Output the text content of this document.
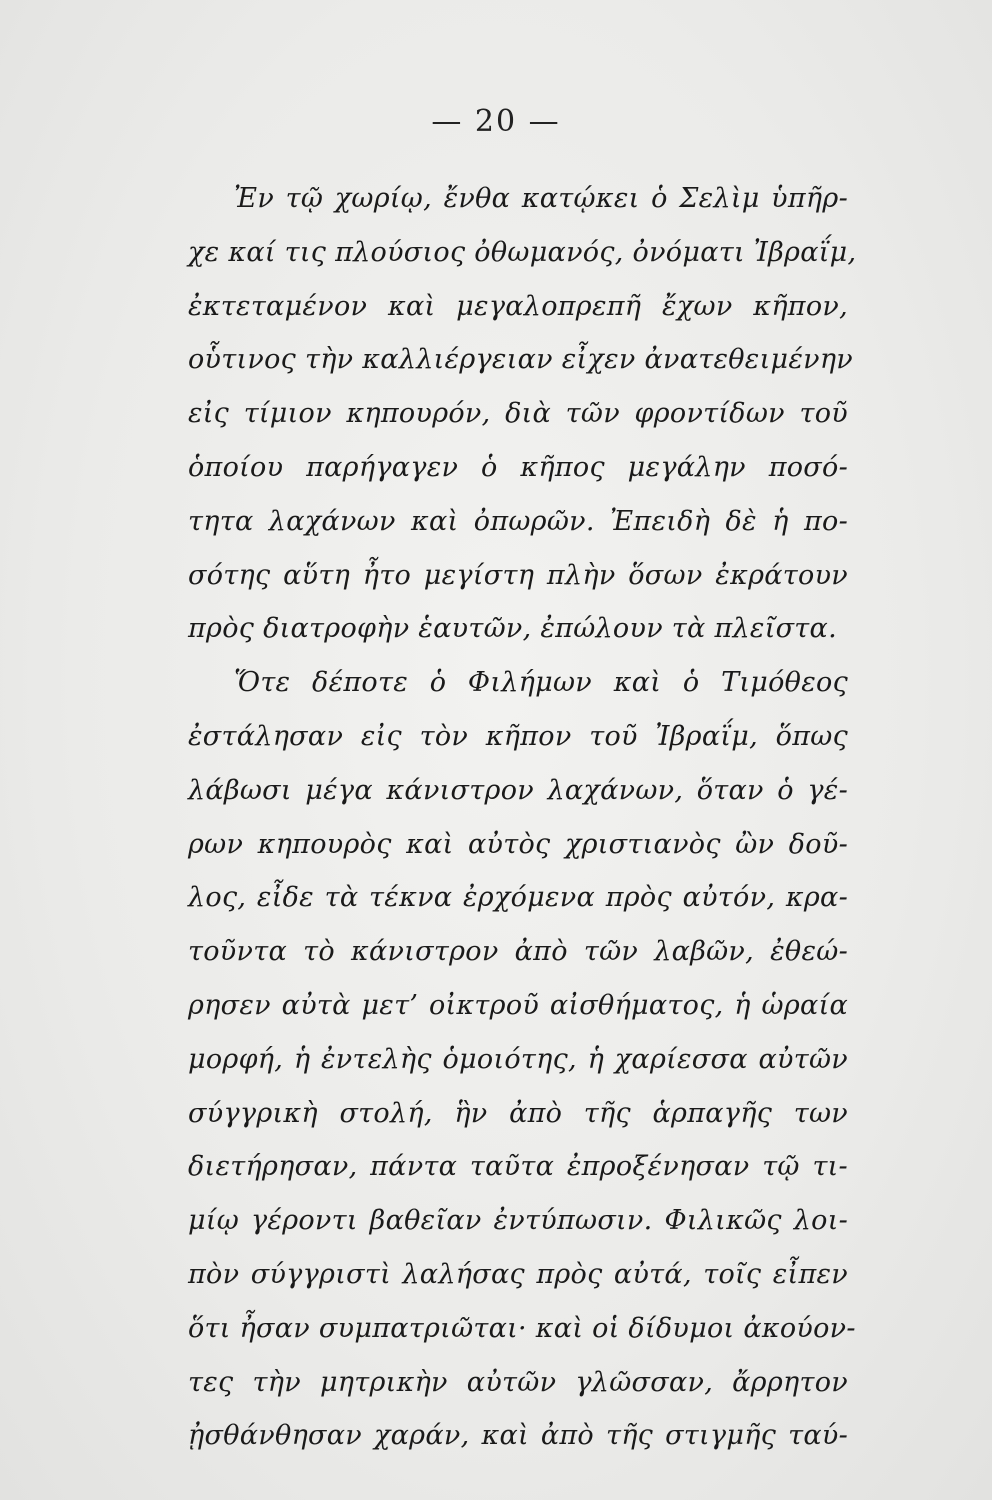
— 20 —
Ἐν τῷ χωρίῳ, ἔνθα κατῴκει ὁ Σελὶμ ὑπῆρ-
χε καί τις πλούσιος ὀθωμανός, ὀνόματι Ἰβραΐμ,
ἐκτεταμένον καὶ μεγαλοπρεπῆ ἔχων κῆπον,
οὗτινος τὴν καλλιέργειαν εἶχεν ἀνατεθειμένην
εἰς τίμιον κηπουρόν, διὰ τῶν φροντίδων τοῦ
ὁποίου παρήγαγεν ὁ κῆπος μεγάλην ποσό-
τητα λαχάνων καὶ ὀπωρῶν. Ἐπειδὴ δὲ ἡ πο-
σότης αὕτη ἦτο μεγίστη πλὴν ὅσων ἐκράτουν
πρὸς διατροφὴν ἑαυτῶν, ἐπώλουν τὰ πλεῖστα.
Ὅτε δέποτε ὁ Φιλήμων καὶ ὁ Τιμόθεος
ἐστάλησαν εἰς τὸν κῆπον τοῦ Ἰβραΐμ, ὅπως
λάβωσι μέγα κάνιστρον λαχάνων, ὅταν ὁ γέ-
ρων κηπουρὸς καὶ αὐτὸς χριστιανὸς ὢν δοῦ-
λος, εἶδε τὰ τέκνα ἐρχόμενα πρὸς αὐτόν, κρα-
τοῦντα τὸ κάνιστρον ἀπὸ τῶν λαβῶν, ἐθεώ-
ρησεν αὐτὰ μετ’ οἰκτροῦ αἰσθήματος, ἡ ὡραία
μορφή, ἡ ἐντελὴς ὁμοιότης, ἡ χαρίεσσα αὐτῶν
σύγγρικὴ στολή, ἣν ἀπὸ τῆς ἁρπαγῆς των
διετήρησαν, πάντα ταῦτα ἐπροξένησαν τῷ τι-
μίῳ γέροντι βαθεῖαν ἐντύπωσιν. Φιλικῶς λοι-
πὸν σύγγριστὶ λαλήσας πρὸς αὐτά, τοῖς εἶπεν
ὅτι ἦσαν συμπατριῶται· καὶ οἱ δίδυμοι ἀκούον-
τες τὴν μητρικὴν αὐτῶν γλῶσσαν, ἄρρητον
ᾐσθάνθησαν χαράν, καὶ ἀπὸ τῆς στιγμῆς ταύ-
